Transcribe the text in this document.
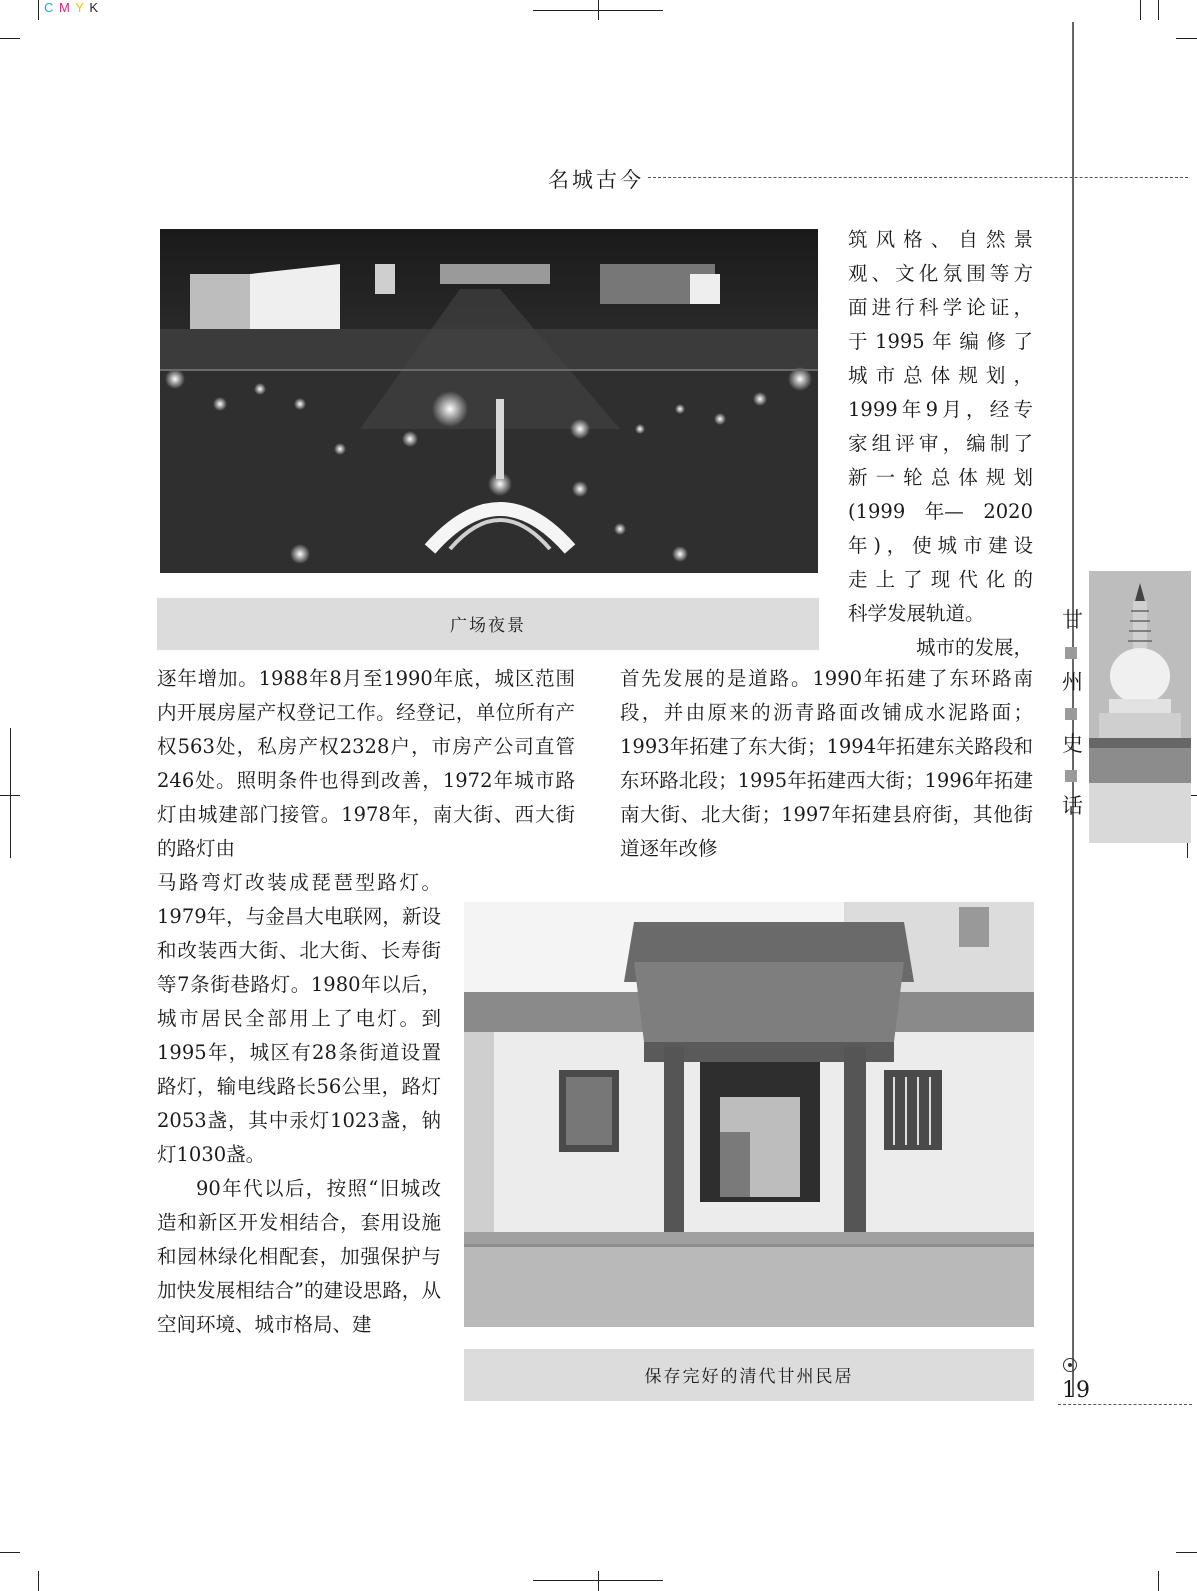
C M Y K
名城古今
广场夜景
筑风格、自然景
观、文化氛围等方
面进行科学论证，
于1995年编修了
城市总体规划，
1999年9月，经专
家组评审，编制了
新一轮总体规划
(1999　年—　2020
年)，使城市建设
走上了现代化的
科学发展轨道。
城市的发展，

逐年增加。1988年8月至1990年底，城区范围内开展房屋产权登记工作。经登记，单位所有产权563处，私房产权2328户，市房产公司直管246处。照明条件也得到改善，1972年城市路灯由城建部门接管。1978年，南大街、西大街的路灯由

首先发展的是道路。1990年拓建了东环路南段，并由原来的沥青路面改铺成水泥路面；1993年拓建了东大街；1994年拓建东关路段和东环路北段；1995年拓建西大街；1996年拓建南大街、北大街；1997年拓建县府街，其他街道逐年改修

马路弯灯改装成琵琶型路灯。1979年，与金昌大电联网，新设和改装西大街、北大街、长寿街等7条街巷路灯。1980年以后，城市居民全部用上了电灯。到1995年，城区有28条街道设置路灯，输电线路长56公里，路灯2053盏，其中汞灯1023盏，钠灯1030盏。

90年代以后，按照“旧城改造和新区开发相结合，套用设施和园林绿化相配套，加强保护与加快发展相结合”的建设思路，从空间环境、城市格局、建

保存完好的清代甘州民居
甘
州
史
话
19
